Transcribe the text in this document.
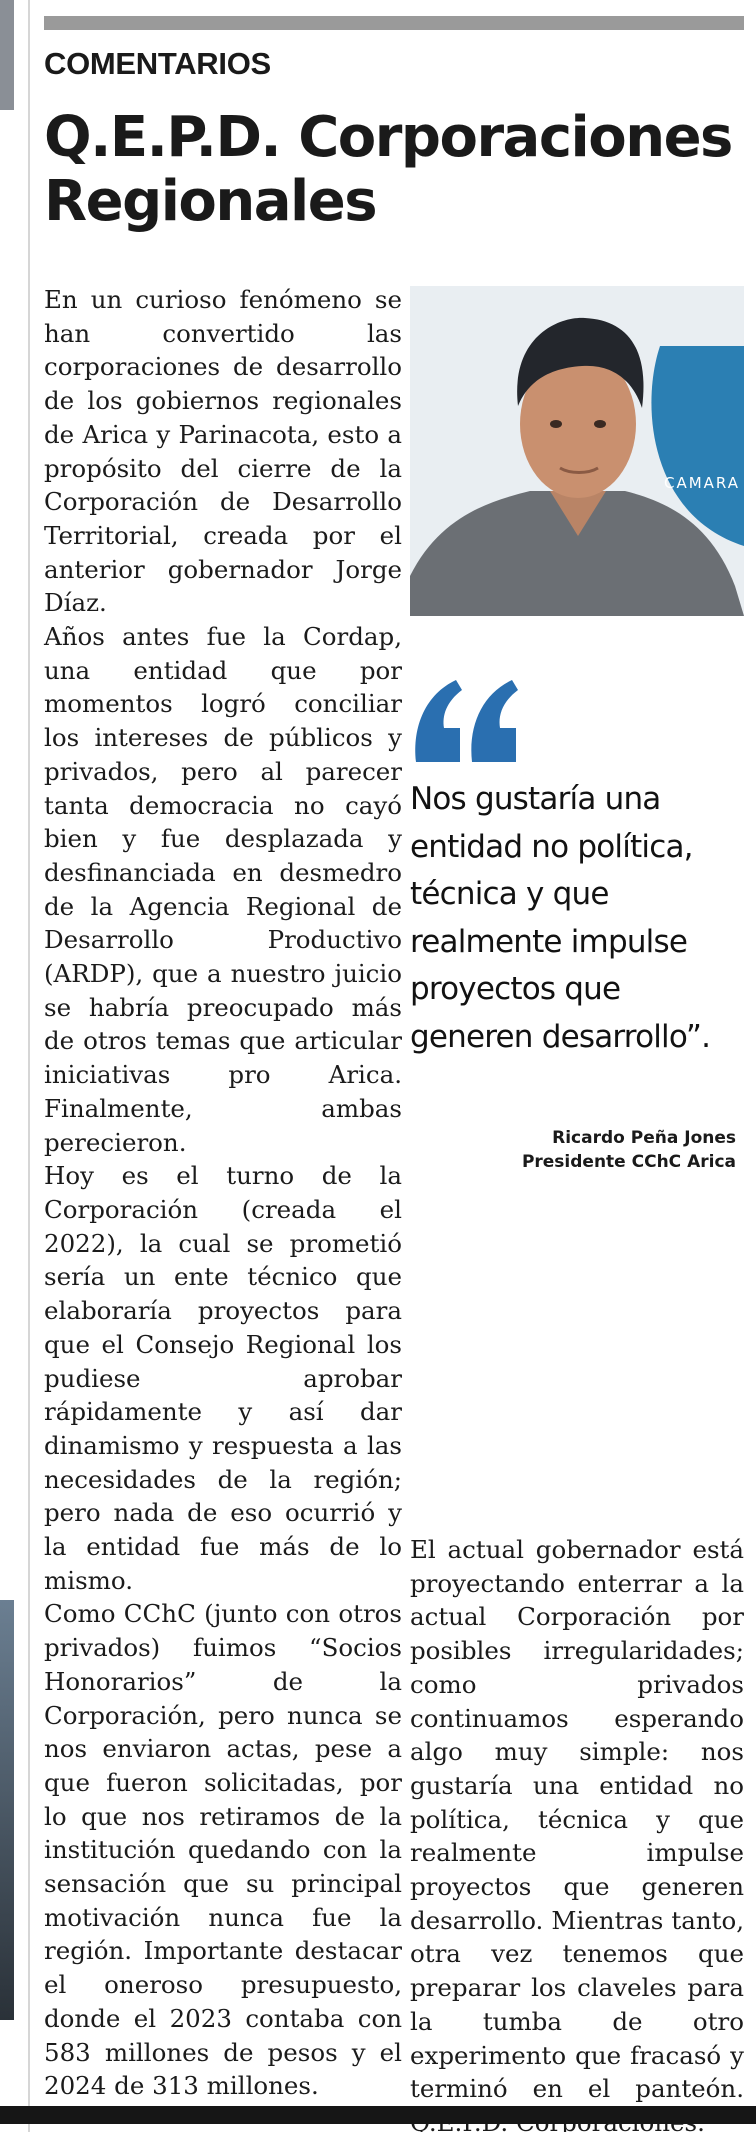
COMENTARIOS
Q.E.P.D. Corporaciones Regionales

En un curioso fenómeno se han convertido las corporaciones de desarrollo de los gobiernos regionales de Arica y Parinacota, esto a propósito del cierre de la Corporación de Desarrollo Territorial, creada por el anterior gobernador Jorge Díaz.

Años antes fue la Cordap, una entidad que por momentos logró conciliar los intereses de públicos y privados, pero al parecer tanta democracia no cayó bien y fue desplazada y desfinanciada en desmedro de la Agencia Regional de Desarrollo Productivo (ARDP), que a nuestro juicio se habría preocupado más de otros temas que articular iniciativas pro Arica. Finalmente, ambas perecieron.

Hoy es el turno de la Corporación (creada el 2022), la cual se prometió sería un ente técnico que elaboraría proyectos para que el Consejo Regional los pudiese aprobar rápidamente y así dar dinamismo y respuesta a las necesidades de la región; pero nada de eso ocurrió y la entidad fue más de lo mismo.

Como CChC (junto con otros privados) fuimos “Socios Honorarios” de la Corporación, pero nunca se nos enviaron actas, pese a que fueron solicitadas, por lo que nos retiramos de la institución quedando con la sensación que su principal motivación nunca fue la región. Importante destacar el oneroso presupuesto, donde el 2023 contaba con 583 millones de pesos y el 2024 de 313 millones.

CAMARA
Nos gustaría una entidad no política, técnica y que realmente impulse proyectos que generen desarrollo”.
Ricardo Peña Jones
Presidente CChC Arica

El actual gobernador está proyectando enterrar a la actual Corporación por posibles irregularidades; como privados continuamos esperando algo muy simple: nos gustaría una entidad no política, técnica y que realmente impulse proyectos que generen desarrollo. Mientras tanto, otra vez tenemos que preparar los claveles para la tumba de otro experimento que fracasó y terminó en el panteón.
